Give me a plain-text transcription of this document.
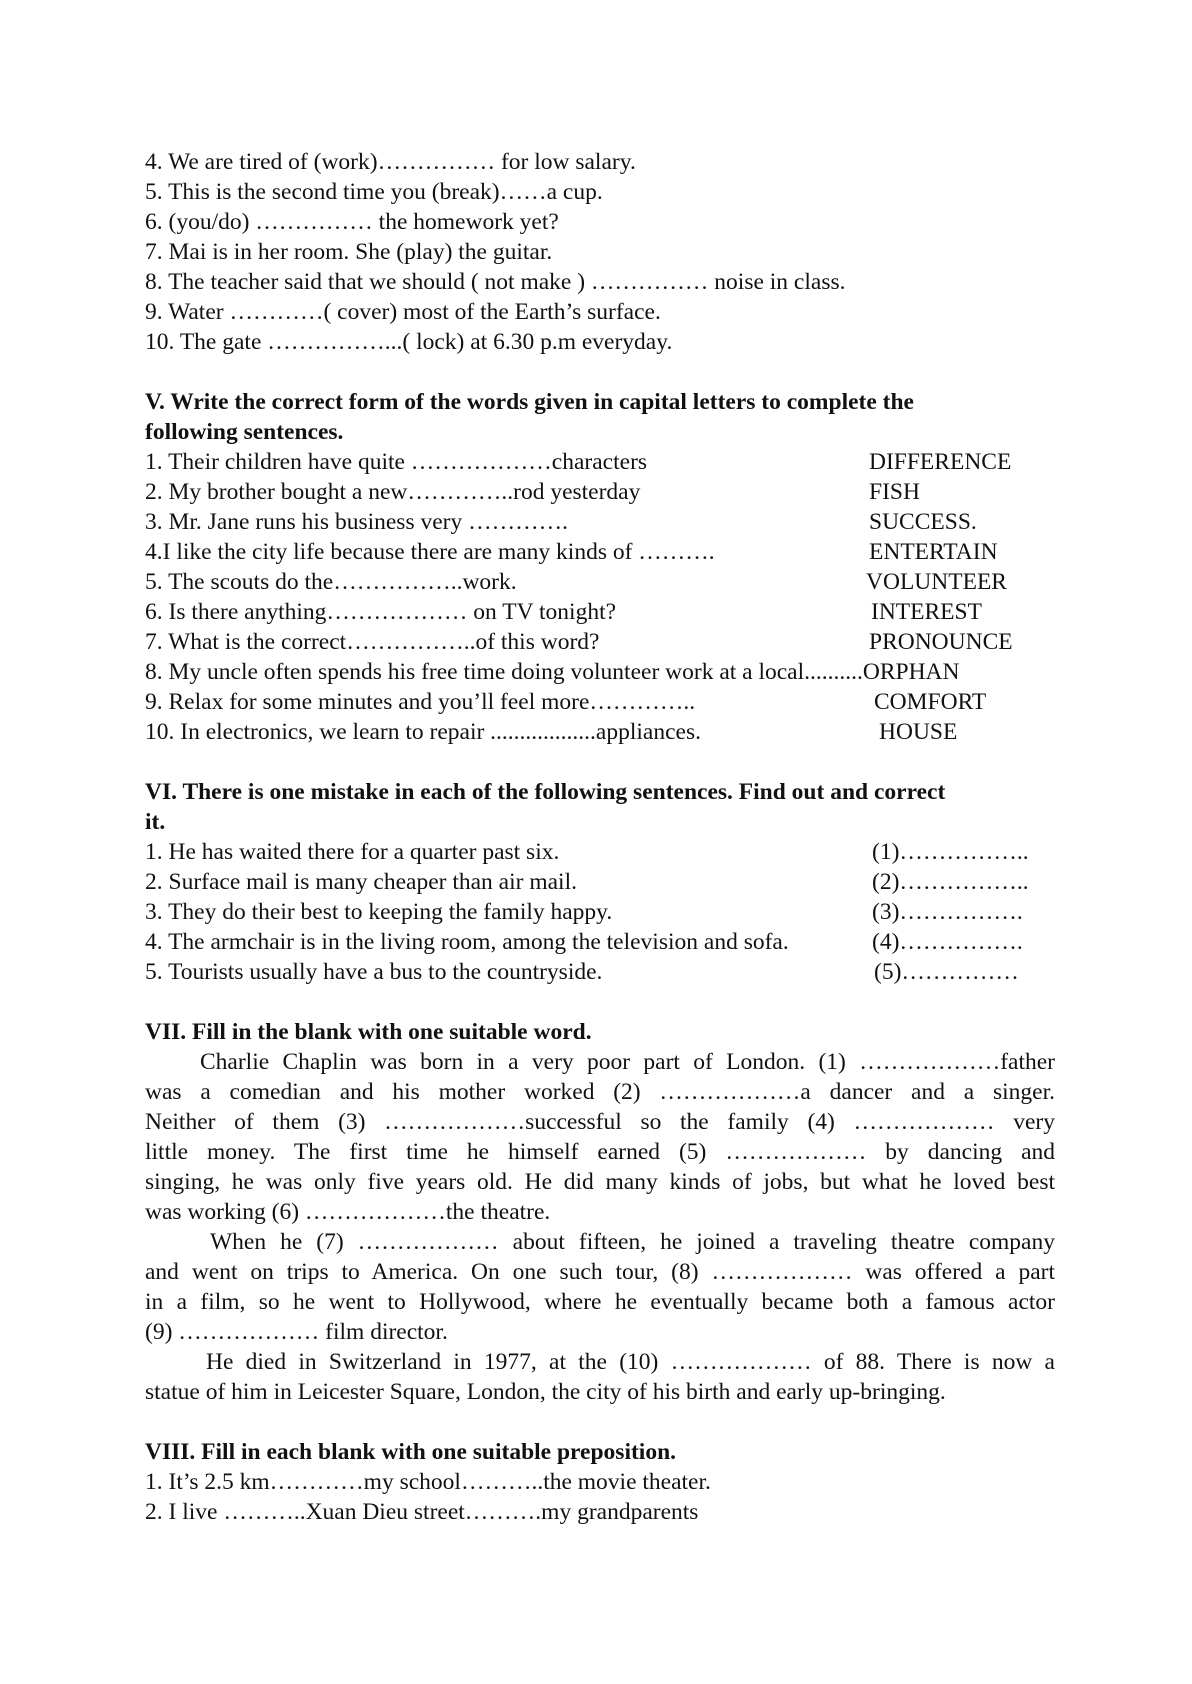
4. We are tired of (work)…………… for low salary.
5. This is the second time you (break)……a cup.
6. (you/do) …………… the homework yet?
7. Mai is in her room. She (play) the guitar.
8. The teacher said that we should ( not make ) …………… noise in class.
9. Water …………( cover) most of the Earth’s surface.
10. The gate ……………...( lock) at 6.30 p.m everyday.
V. Write the correct form of the words given in capital letters to complete the
following sentences.
1. Their children have quite ………………characters	DIFFERENCE
2. My brother bought a new…………..rod yesterday	FISH
3. Mr. Jane runs his business very ………….	SUCCESS.
4.I like the city life because there are many kinds of ……….	ENTERTAIN
5. The scouts do the……………..work.	VOLUNTEER
6. Is there anything……………… on TV tonight?	INTEREST
7. What is the correct……………..of this word?	PRONOUNCE
8. My uncle often spends his free time doing volunteer work at a local..........ORPHAN
9. Relax for some minutes and you’ll feel more…………..	COMFORT
10. In electronics, we learn to repair ..................appliances.	HOUSE
VI. There is one mistake in each of the following sentences. Find out and correct
it.
1. He has waited there for a quarter past six.	(1)……………..
2. Surface mail is many cheaper than air mail.	(2)……………..
3. They do their best to keeping the family happy.	(3)…………….
4. The armchair is in the living room, among the television and sofa.	(4)…………….
5. Tourists usually have a bus to the countryside.	(5)……………
VII. Fill in the blank with one suitable word.
Charlie Chaplin was born in a very poor part of London. (1) ………………father
was a comedian and his mother worked (2) ………………a dancer and a singer.
Neither of them (3) ………………successful so the family (4) ……………… very
little money. The first time he himself earned (5) ……………… by dancing and
singing, he was only five years old. He did many kinds of jobs, but what he loved best
was working (6) ………………the theatre.
When he (7) ……………… about fifteen, he joined a traveling theatre company
and went on trips to America. On one such tour, (8) ……………… was offered a part
in a film, so he went to Hollywood, where he eventually became both a famous actor
(9) ……………… film director.
He died in Switzerland in 1977, at the (10) ……………… of 88. There is now a
statue of him in Leicester Square, London, the city of his birth and early up-bringing.
VIII. Fill in each blank with one suitable preposition.
1. It’s 2.5 km…………my school………..the movie theater.
2. I live ………..Xuan Dieu street……….my grandparents
